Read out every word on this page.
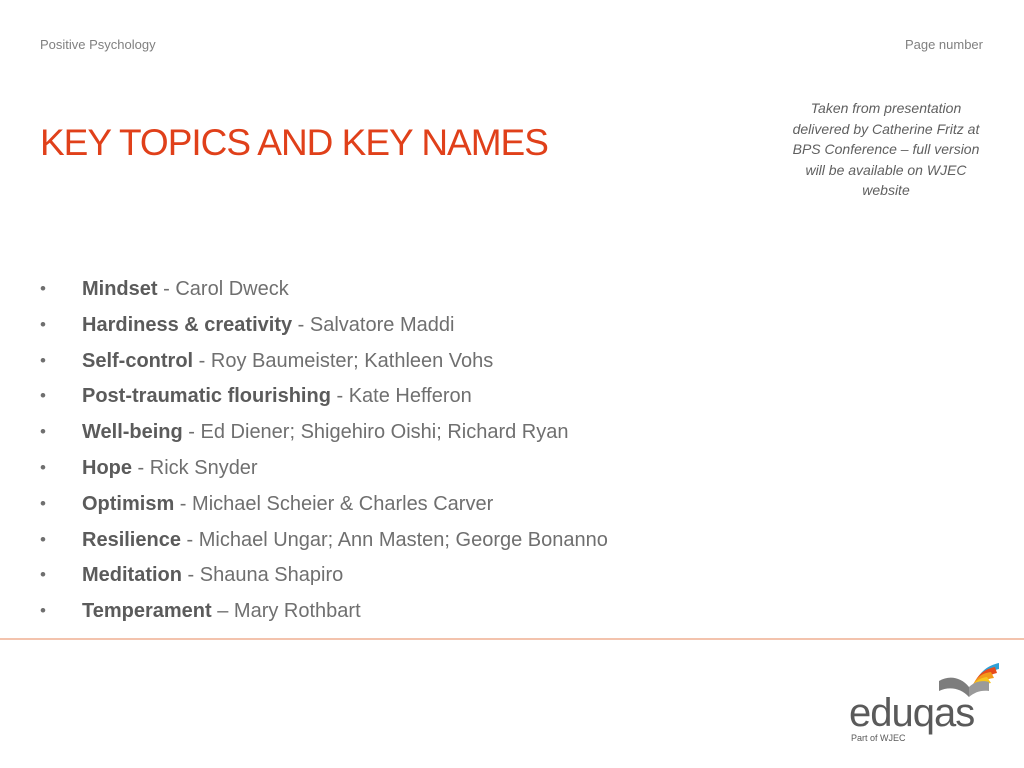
Positive Psychology	Page number
KEY TOPICS AND KEY NAMES
Taken from presentation delivered by Catherine Fritz at BPS Conference – full version will be available on WJEC website
•	Mindset - Carol Dweck
•	Hardiness & creativity - Salvatore Maddi
•	Self-control - Roy Baumeister; Kathleen Vohs
•	Post-traumatic flourishing - Kate Hefferon
•	Well-being - Ed Diener; Shigehiro Oishi; Richard Ryan
•	Hope - Rick Snyder
•	Optimism - Michael Scheier & Charles Carver
•	Resilience - Michael Ungar; Ann Masten; George Bonanno
•	Meditation - Shauna Shapiro
•	Temperament – Mary Rothbart
eduqas
Part of WJEC
